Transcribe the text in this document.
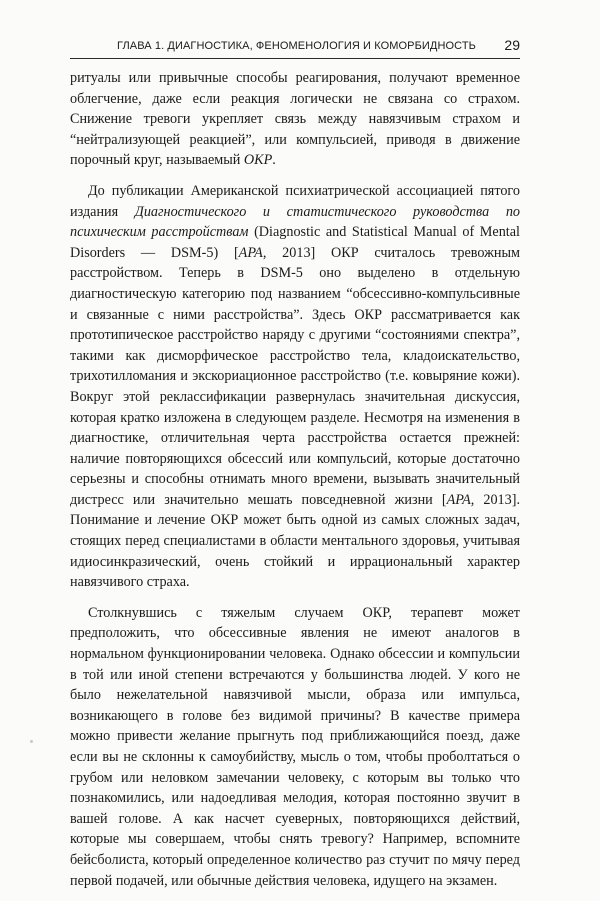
ГЛАВА 1. ДИАГНОСТИКА, ФЕНОМЕНОЛОГИЯ И КОМОРБИДНОСТЬ 29

ритуалы или привычные способы реагирования, получают временное облегчение, даже если реакция логически не связана со страхом. Снижение тревоги укрепляет связь между навязчивым страхом и “нейтрализующей реакцией”, или компульсией, приводя в движение порочный круг, называемый ОКР.

До публикации Американской психиатрической ассоциацией пятого издания Диагностического и статистического руководства по психическим расстройствам (Diagnostic and Statistical Manual of Mental Disorders — DSM-5) [APA, 2013] ОКР считалось тревожным расстройством. Теперь в DSM-5 оно выделено в отдельную диагностическую категорию под названием “обсессивно-компульсивные и связанные с ними расстройства”. Здесь ОКР рассматривается как прототипическое расстройство наряду с другими “состояниями спектра”, такими как дисморфическое расстройство тела, кладоискательство, трихотилломания и экскориационное расстройство (т.е. ковыряние кожи). Вокруг этой реклассификации развернулась значительная дискуссия, которая кратко изложена в следующем разделе. Несмотря на изменения в диагностике, отличительная черта расстройства остается прежней: наличие повторяющихся обсессий или компульсий, которые достаточно серьезны и способны отнимать много времени, вызывать значительный дистресс или значительно мешать повседневной жизни [APA, 2013]. Понимание и лечение ОКР может быть одной из самых сложных задач, стоящих перед специалистами в области ментального здоровья, учитывая идиосинкразический, очень стойкий и иррациональный характер навязчивого страха.

Столкнувшись с тяжелым случаем ОКР, терапевт может предположить, что обсессивные явления не имеют аналогов в нормальном функционировании человека. Однако обсессии и компульсии в той или иной степени встречаются у большинства людей. У кого не было нежелательной навязчивой мысли, образа или импульса, возникающего в голове без видимой причины? В качестве примера можно привести желание прыгнуть под приближающийся поезд, даже если вы не склонны к самоубийству, мысль о том, чтобы проболтаться о грубом или неловком замечании человеку, с которым вы только что познакомились, или надоедливая мелодия, которая постоянно звучит в вашей голове. А как насчет суеверных, повторяющихся действий, которые мы совершаем, чтобы снять тревогу? Например, вспомните бейсболиста, который определенное количество раз стучит по мячу перед первой подачей, или обычные действия человека, идущего на экзамен.
